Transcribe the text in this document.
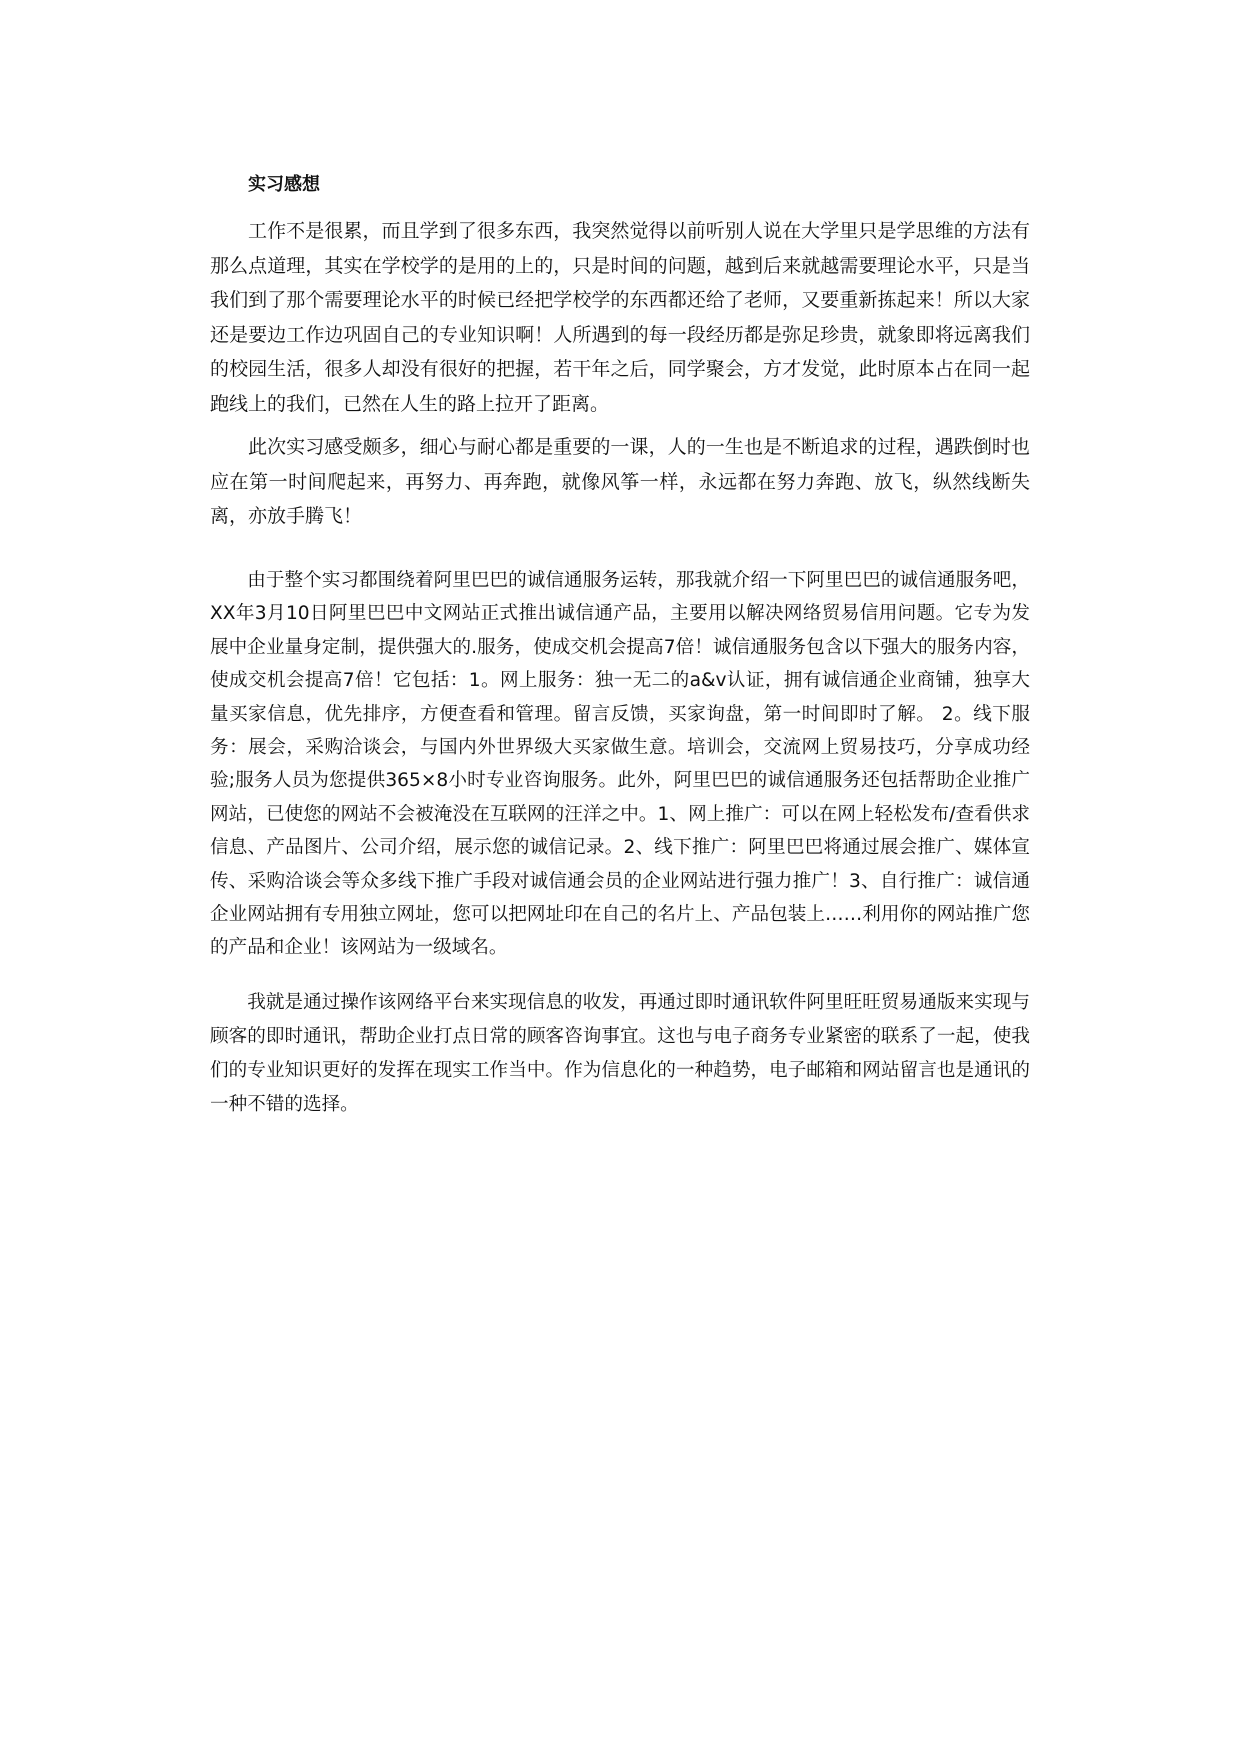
实习感想

工作不是很累，而且学到了很多东西，我突然觉得以前听别人说在大学里只是学思维的方法有那么点道理，其实在学校学的是用的上的，只是时间的问题，越到后来就越需要理论水平，只是当我们到了那个需要理论水平的时候已经把学校学的东西都还给了老师，又要重新拣起来！所以大家还是要边工作边巩固自己的专业知识啊！人所遇到的每一段经历都是弥足珍贵，就象即将远离我们的校园生活，很多人却没有很好的把握，若干年之后，同学聚会，方才发觉，此时原本占在同一起跑线上的我们，已然在人生的路上拉开了距离。

此次实习感受颇多，细心与耐心都是重要的一课，人的一生也是不断追求的过程，遇跌倒时也应在第一时间爬起来，再努力、再奔跑，就像风筝一样，永远都在努力奔跑、放飞，纵然线断失离，亦放手腾飞！

由于整个实习都围绕着阿里巴巴的诚信通服务运转，那我就介绍一下阿里巴巴的诚信通服务吧，XX年3月10日阿里巴巴中文网站正式推出诚信通产品，主要用以解决网络贸易信用问题。它专为发展中企业量身定制，提供强大的.服务，使成交机会提高7倍！诚信通服务包含以下强大的服务内容，使成交机会提高7倍！它包括：1。网上服务：独一无二的a&v认证，拥有诚信通企业商铺，独享大量买家信息，优先排序，方便查看和管理。留言反馈，买家询盘，第一时间即时了解。 2。线下服务：展会，采购洽谈会，与国内外世界级大买家做生意。培训会，交流网上贸易技巧，分享成功经验;服务人员为您提供365×8小时专业咨询服务。此外，阿里巴巴的诚信通服务还包括帮助企业推广网站，已使您的网站不会被淹没在互联网的汪洋之中。1、网上推广：可以在网上轻松发布/查看供求信息、产品图片、公司介绍，展示您的诚信记录。2、线下推广：阿里巴巴将通过展会推广、媒体宣传、采购洽谈会等众多线下推广手段对诚信通会员的企业网站进行强力推广！3、自行推广：诚信通企业网站拥有专用独立网址，您可以把网址印在自己的名片上、产品包装上……利用你的网站推广您的产品和企业！该网站为一级域名。

我就是通过操作该网络平台来实现信息的收发，再通过即时通讯软件阿里旺旺贸易通版来实现与顾客的即时通讯，帮助企业打点日常的顾客咨询事宜。这也与电子商务专业紧密的联系了一起，使我们的专业知识更好的发挥在现实工作当中。作为信息化的一种趋势，电子邮箱和网站留言也是通讯的一种不错的选择。
